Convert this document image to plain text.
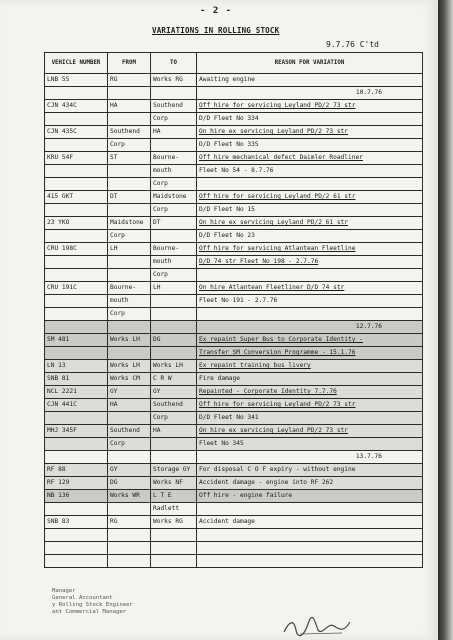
- 2 -
VARIATIONS IN ROLLING STOCK
9.7.76 C'td
VEHICLE NUMBER	FROM	TO	REASON FOR VARIATION
LNB 55	RG	Works RG	Awaiting engine
			10.7.76
CJN 434C	HA	Southend	Off hire for servicing Leyland PD/2 73 str
		Corp	D/D Fleet No 334
CJN 435C	Southend	HA	On hire ex servicing Leyland PD/2 73 str
	Corp		D/D Fleet No 335
KRU 54F	ST	Bourne-	Off hire mechanical defect Daimler Roadliner
		mouth	Fleet No 54 - 8.7.76
		Corp	
415 GKT	DT	Maidstone	Off hire for servicing Leyland PD/2 61 str
		Corp	D/D Fleet No 15
23 YKO	Maidstone	DT	On hire ex servicing Leyland PD/2 61 str
	Corp		D/D Fleet No 23
CRU 198C	LH	Bourne-	Off hire for servicing Atlantean Fleetline
		mouth	D/D 74 str Fleet No 198 - 2.7.76
		Corp	
CRU 191C	Bourne-	LH	On hire Atlantean Fleetliner D/D 74 str
	mouth		Fleet No 191 - 2.7.76
	Corp		
			12.7.76
SM 481	Works LH	DG	Ex repaint Super Bus to Corporate Identity -
			Transfer SM Conversion Programme - 15.1.76
LN 13	Works LH	Works LH	Ex repaint training bus livery
SNB 81	Works CM	C R W	Fire damage
NCL 2221	GY	GY	Repainted - Corporate Identity 7.7.76
CJN 441C	HA	Southend	Off hire for servicing Leyland PD/2 73 str
		Corp	D/D Fleet No 341
MHJ 345F	Southend	HA	On hire ex servicing Leyland PD/2 73 str
	Corp		Fleet No 345
			13.7.76
RF 88	GY	Storage GY	For disposal C O F expiry - without engine
RF 129	DG	Works NF	Accident damage - engine into RF 262
NB 136	Works WR	L T E	Off hire - engine failure
		Radlett	
SNB 83	RG	Works RG	Accident damage

Manager
General Accountant
y Rolling Stock Engineer
ant Commercial Manager
